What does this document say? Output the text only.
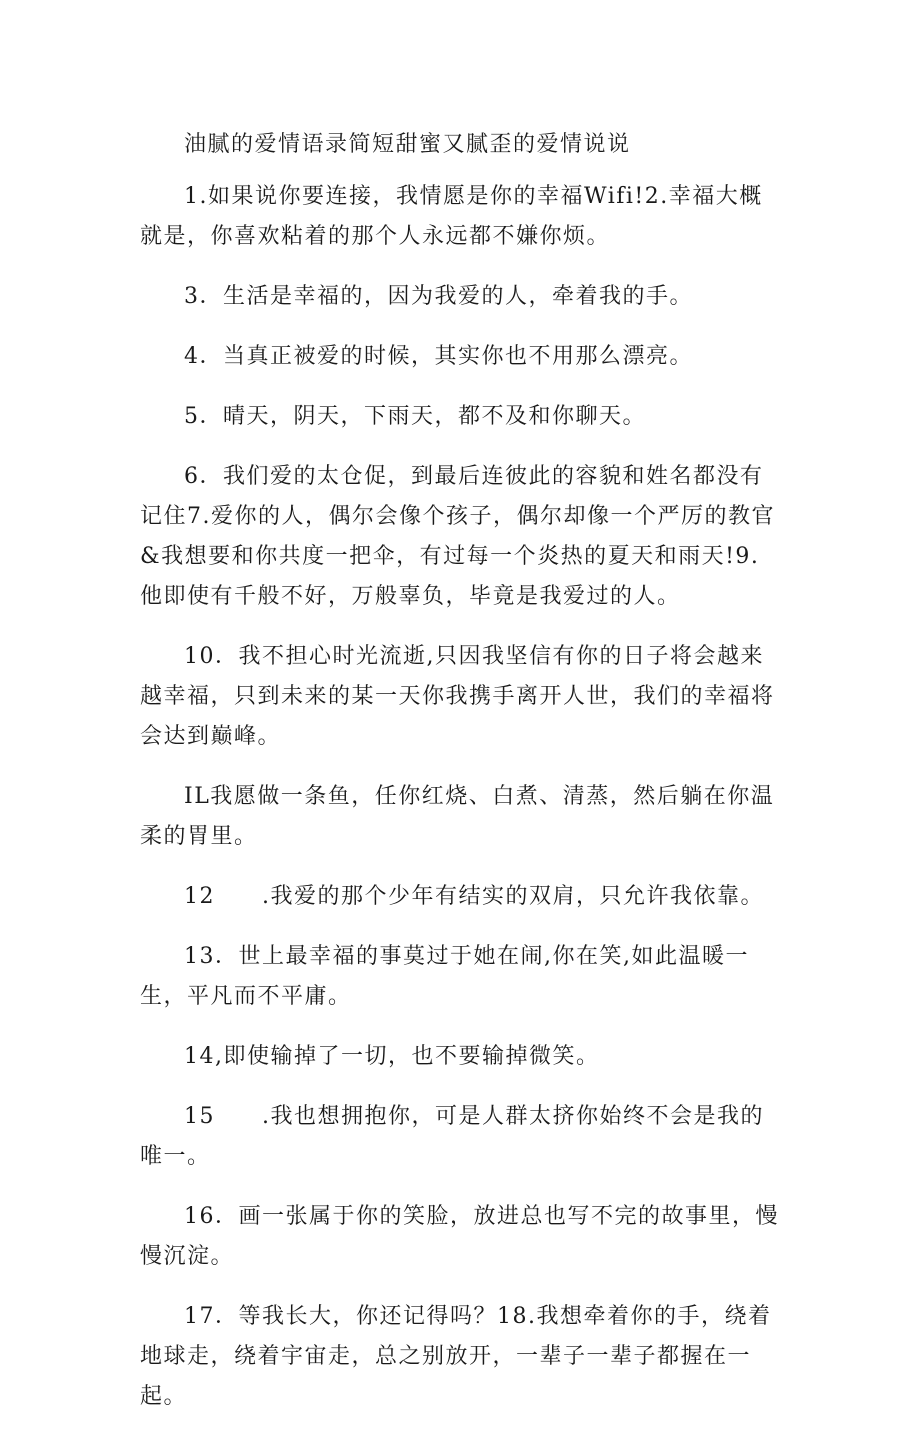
油腻的爱情语录简短甜蜜又腻歪的爱情说说

1.如果说你要连接，我情愿是你的幸福Wifi!2.幸福大概就是，你喜欢粘着的那个人永远都不嫌你烦。

3．生活是幸福的，因为我爱的人，牵着我的手。

4．当真正被爱的时候，其实你也不用那么漂亮。

5．晴天，阴天，下雨天，都不及和你聊天。

6．我们爱的太仓促，到最后连彼此的容貌和姓名都没有记住7.爱你的人，偶尔会像个孩子，偶尔却像一个严厉的教官&我想要和你共度一把伞，有过每一个炎热的夏天和雨天!9.他即使有千般不好，万般辜负，毕竟是我爱过的人。

10．我不担心时光流逝,只因我坚信有你的日子将会越来越幸福，只到未来的某一天你我携手离开人世，我们的幸福将会达到巅峰。

IL我愿做一条鱼，任你红烧、白煮、清蒸，然后躺在你温柔的胃里。

12　　.我爱的那个少年有结实的双肩，只允许我依靠。

13．世上最幸福的事莫过于她在闹,你在笑,如此温暖一生，平凡而不平庸。

14,即使输掉了一切，也不要输掉微笑。

15　　.我也想拥抱你，可是人群太挤你始终不会是我的唯一。

16．画一张属于你的笑脸，放进总也写不完的故事里，慢慢沉淀。

17．等我长大，你还记得吗？18.我想牵着你的手，绕着地球走，绕着宇宙走，总之别放开，一辈子一辈子都握在一起。
